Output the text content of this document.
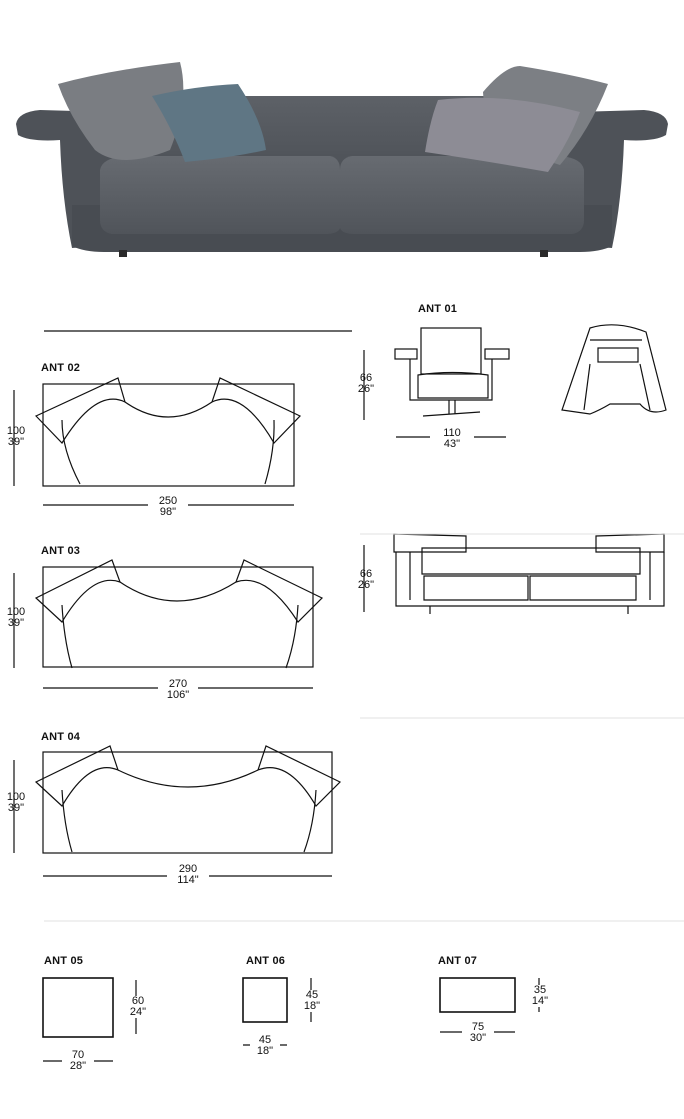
ANT 01
ANT 02
ANT 03
ANT 04
ANT 05	ANT 06	ANT 07
66
26"
110
43"
100
39"
250
98"
66
26"
100
39"
270
106"
100
39"
290
114"
60
24"
70
28"
45
18"
45
18"
35
14"
75
30"
